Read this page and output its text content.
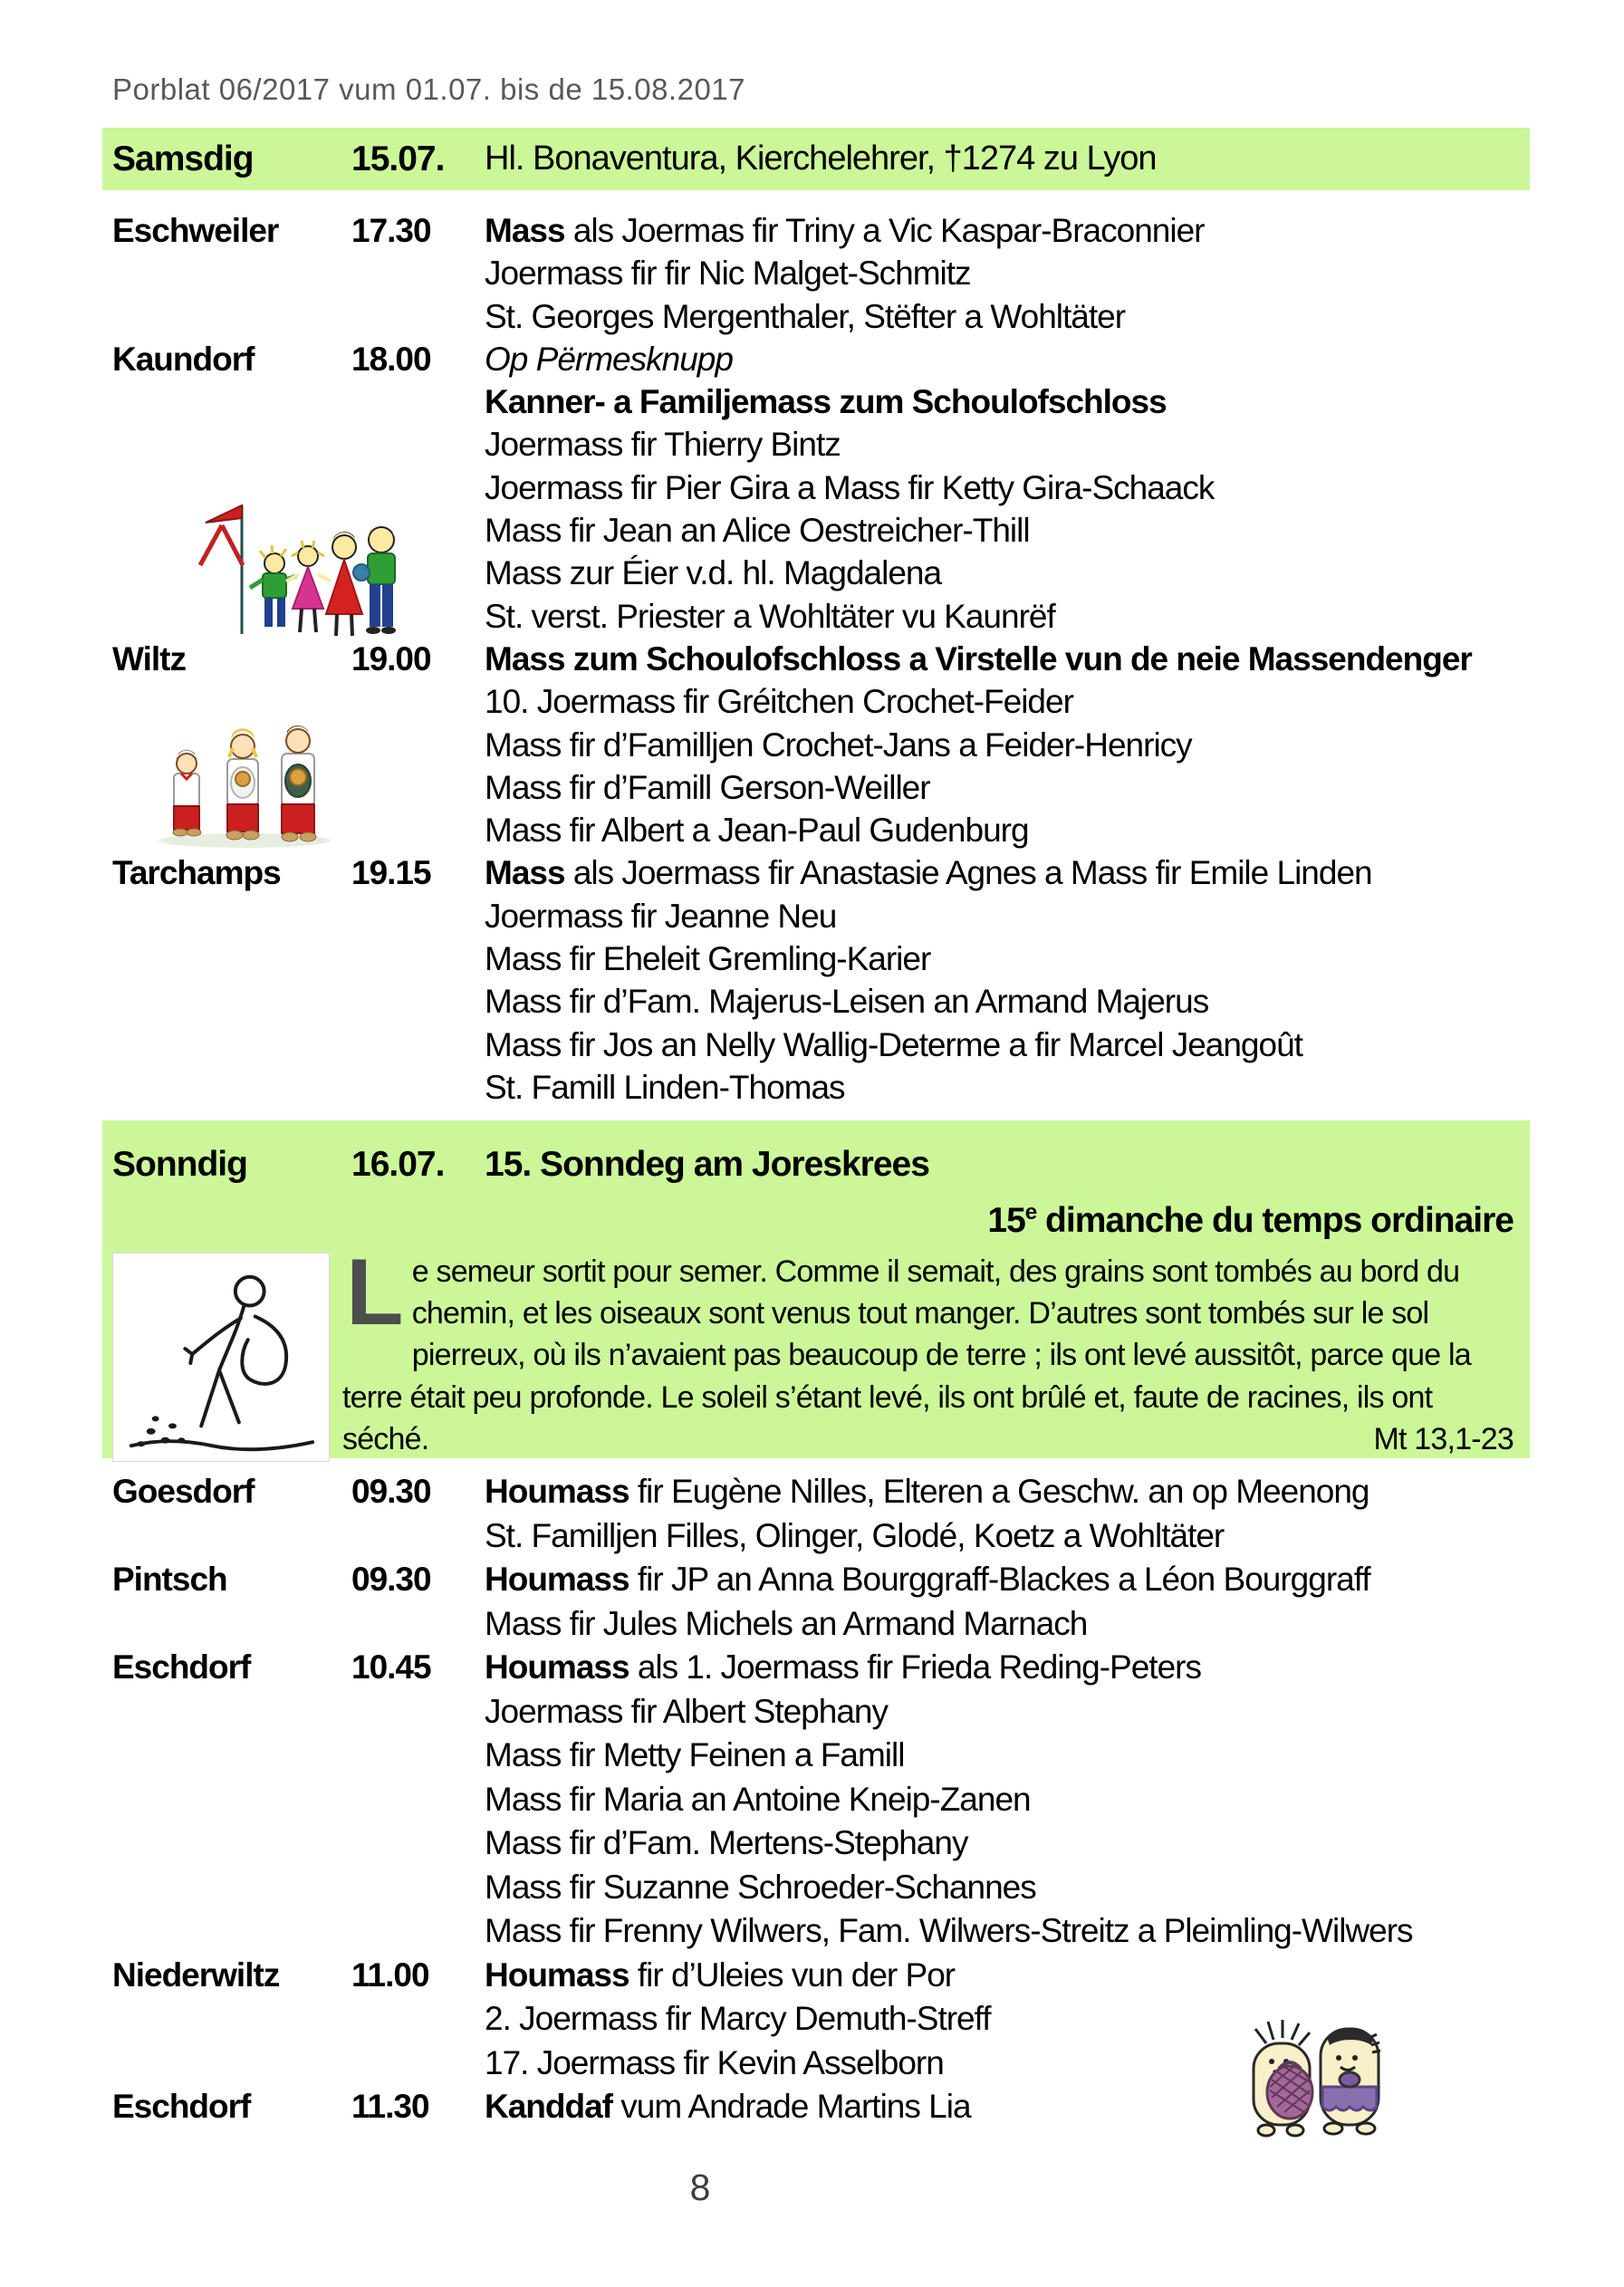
Porblat 06/2017 vum 01.07. bis de 15.08.2017
Samsdig	15.07.	Hl. Bonaventura, Kierchelehrer, †1274 zu Lyon
Eschweiler	17.30	Mass als Joermas fir Triny a Vic Kaspar-Braconnier
Joermass fir fir Nic Malget-Schmitz
St. Georges Mergenthaler, Stëfter a Wohltäter
Kaundorf	18.00	Op Përmesknupp
Kanner- a Familjemass zum Schoulofschloss
Joermass fir Thierry Bintz
Joermass fir Pier Gira a Mass fir Ketty Gira-Schaack
Mass fir Jean an Alice Oestreicher-Thill
Mass zur Éier v.d. hl. Magdalena
St. verst. Priester a Wohltäter vu Kaunrëf
Wiltz	19.00	Mass zum Schoulofschloss a Virstelle vun de neie Massendenger
10. Joermass fir Gréitchen Crochet-Feider
Mass fir d’Familljen Crochet-Jans a Feider-Henricy
Mass fir d’Famill Gerson-Weiller
Mass fir Albert a Jean-Paul Gudenburg
Tarchamps	19.15	Mass als Joermass fir Anastasie Agnes a Mass fir Emile Linden
Joermass fir Jeanne Neu
Mass fir Eheleit Gremling-Karier
Mass fir d’Fam. Majerus-Leisen an Armand Majerus
Mass fir Jos an Nelly Wallig-Determe a fir Marcel Jeangoût
St. Famill Linden-Thomas
Sonndig	16.07.	15. Sonndeg am Joreskrees
15e dimanche du temps ordinaire
Le semeur sortit pour semer. Comme il semait, des grains sont tombés au bord du chemin, et les oiseaux sont venus tout manger. D’autres sont tombés sur le sol pierreux, où ils n’avaient pas beaucoup de terre ; ils ont levé aussitôt, parce que la terre était peu profonde. Le soleil s’étant levé, ils ont brûlé et, faute de racines, ils ont séché.	Mt 13,1-23
Goesdorf	09.30	Houmass fir Eugène Nilles, Elteren a Geschw. an op Meenong
St. Familljen Filles, Olinger, Glodé, Koetz a Wohltäter
Pintsch	09.30	Houmass fir JP an Anna Bourggraff-Blackes a Léon Bourggraff
Mass fir Jules Michels an Armand Marnach
Eschdorf	10.45	Houmass als 1. Joermass fir Frieda Reding-Peters
Joermass fir Albert Stephany
Mass fir Metty Feinen a Famill
Mass fir Maria an Antoine Kneip-Zanen
Mass fir d’Fam. Mertens-Stephany
Mass fir Suzanne Schroeder-Schannes
Mass fir Frenny Wilwers, Fam. Wilwers-Streitz a Pleimling-Wilwers
Niederwiltz	11.00	Houmass fir d’Uleies vun der Por
2. Joermass fir Marcy Demuth-Streff
17. Joermass fir Kevin Asselborn
Eschdorf	11.30	Kanddaf vum Andrade Martins Lia
8
